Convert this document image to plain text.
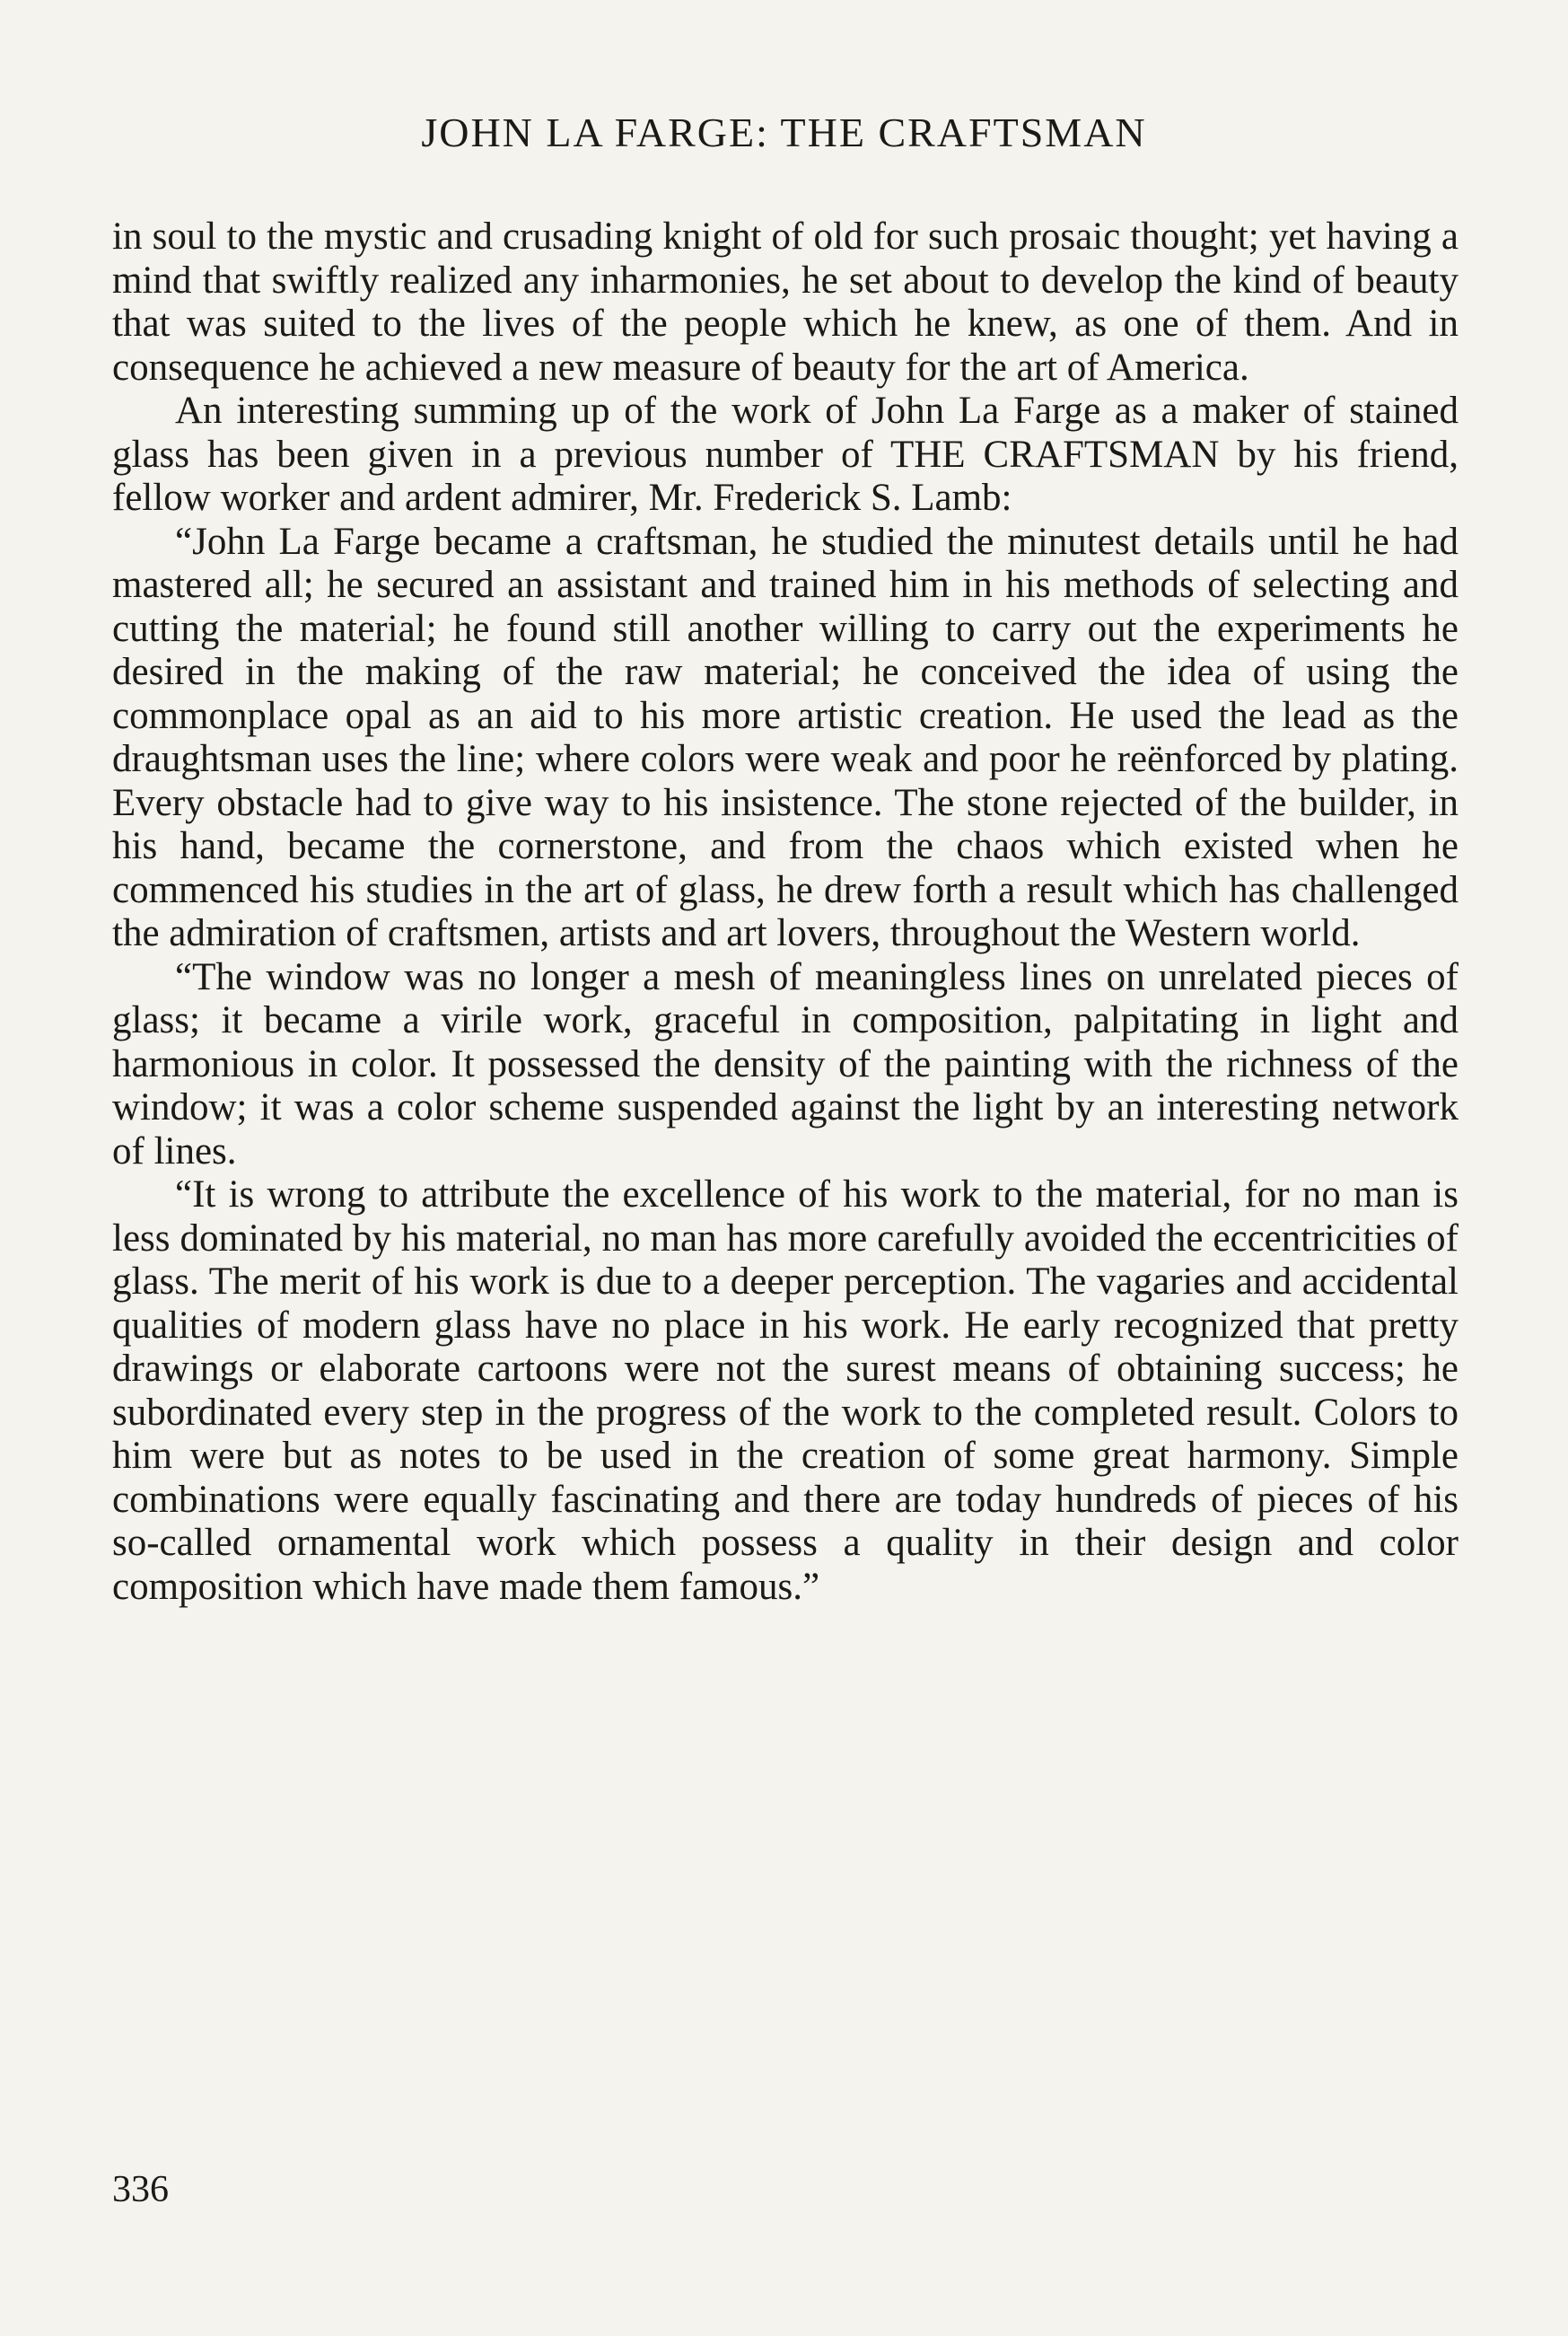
JOHN LA FARGE: THE CRAFTSMAN

in soul to the mystic and crusading knight of old for such prosaic thought; yet having a mind that swiftly realized any inharmonies, he set about to develop the kind of beauty that was suited to the lives of the people which he knew, as one of them. And in consequence he achieved a new measure of beauty for the art of America.

An interesting summing up of the work of John La Farge as a maker of stained glass has been given in a previous number of THE CRAFTSMAN by his friend, fellow worker and ardent admirer, Mr. Frederick S. Lamb:

“John La Farge became a craftsman, he studied the minutest details until he had mastered all; he secured an assistant and trained him in his methods of selecting and cutting the material; he found still another willing to carry out the experiments he desired in the making of the raw material; he conceived the idea of using the commonplace opal as an aid to his more artistic creation. He used the lead as the draughtsman uses the line; where colors were weak and poor he reënforced by plating. Every obstacle had to give way to his insistence. The stone rejected of the builder, in his hand, became the cornerstone, and from the chaos which existed when he commenced his studies in the art of glass, he drew forth a result which has challenged the admiration of craftsmen, artists and art lovers, throughout the Western world.

“The window was no longer a mesh of meaningless lines on unrelated pieces of glass; it became a virile work, graceful in composition, palpitating in light and harmonious in color. It possessed the density of the painting with the richness of the window; it was a color scheme suspended against the light by an interesting network of lines.

“It is wrong to attribute the excellence of his work to the material, for no man is less dominated by his material, no man has more carefully avoided the eccentricities of glass. The merit of his work is due to a deeper perception. The vagaries and accidental qualities of modern glass have no place in his work. He early recognized that pretty drawings or elaborate cartoons were not the surest means of obtaining success; he subordinated every step in the progress of the work to the completed result. Colors to him were but as notes to be used in the creation of some great harmony. Simple combinations were equally fascinating and there are today hundreds of pieces of his so-called ornamental work which possess a quality in their design and color composition which have made them famous.”

336
